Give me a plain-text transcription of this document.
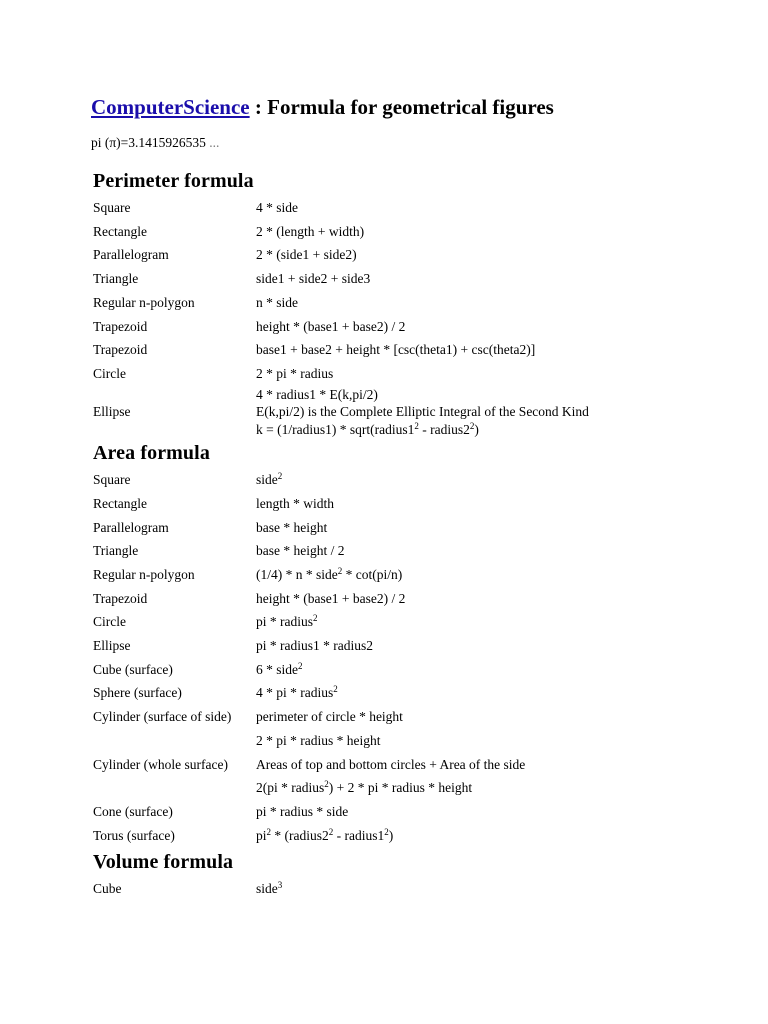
ComputerScience : Formula for geometrical figures
pi (π)=3.1415926535 ...
Perimeter formula
Square	4 * side
Rectangle	2 * (length + width)
Parallelogram	2 * (side1 + side2)
Triangle	side1 + side2 + side3
Regular n-polygon	n * side
Trapezoid	height * (base1 + base2) / 2
Trapezoid	base1 + base2 + height * [csc(theta1) + csc(theta2)]
Circle	2 * pi * radius
Ellipse	4 * radius1 * E(k,pi/2)
E(k,pi/2) is the Complete Elliptic Integral of the Second Kind
k = (1/radius1) * $sqrt(radius1^2$ - $radius2^2$)
Area formula
Square	side$^2$
Rectangle	length * width
Parallelogram	base * height
Triangle	base * height / 2
Regular n-polygon	(1/4) * n * side$^2$ * cot(pi/n)
Trapezoid	height * (base1 + base2) / 2
Circle	pi * radius$^2$
Ellipse	pi * radius1 * radius2
Cube (surface)	6 * side$^2$
Sphere (surface)	4 * pi * radius$^2$
Cylinder (surface of side)	perimeter of circle * height
	2 * pi * radius * height
Cylinder (whole surface)	Areas of top and bottom circles + Area of the side
	2(pi * radius$^2$) + 2 * pi * radius * height
Cone (surface)	pi * radius * side
Torus (surface)	$pi^2$ * ($radius2^2$ - $radius1^2$)
Volume formula
Cube	side$^3$
